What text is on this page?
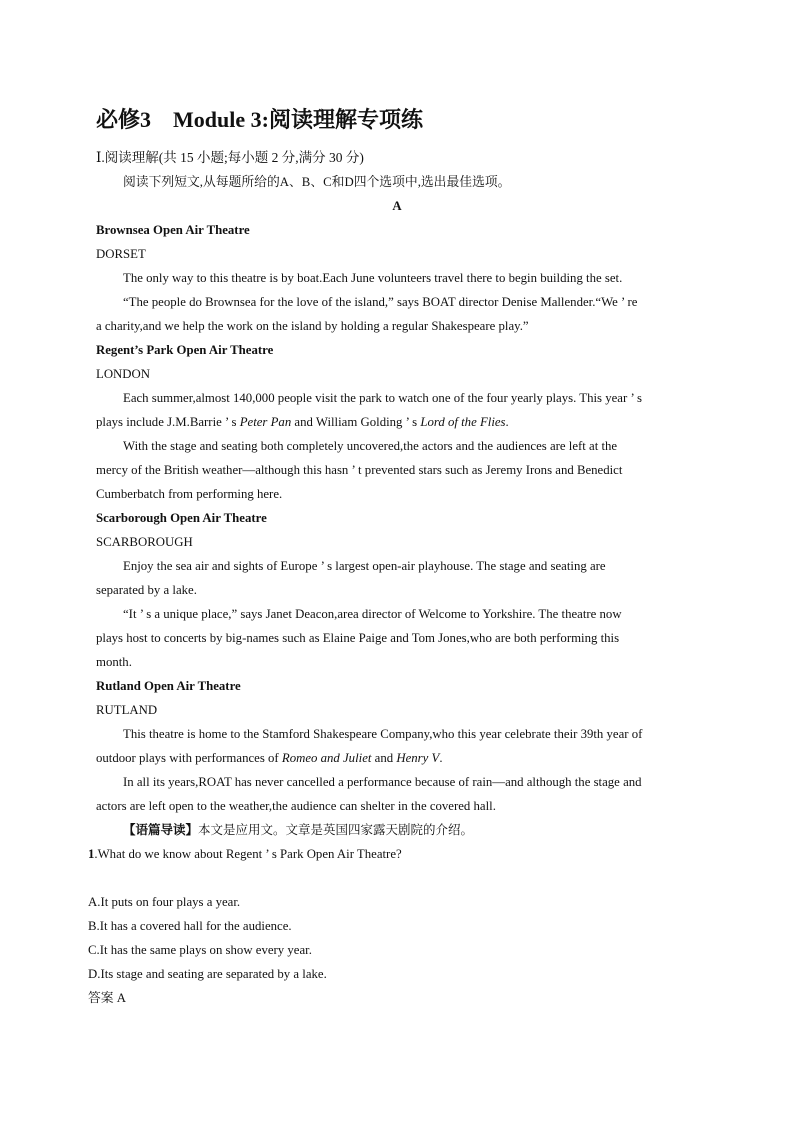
必修3 Module 3:阅读理解专项练
Ⅰ.阅读理解(共 15 小题;每小题 2 分,满分 30 分)
阅读下列短文,从每题所给的A、B、C和D四个选项中,选出最佳选项。
A
Brownsea Open Air Theatre
DORSET
The only way to this theatre is by boat.Each June volunteers travel there to begin building the set.
“The people do Brownsea for the love of the island,” says BOAT director Denise Mallender.“We ’ re
a charity,and we help the work on the island by holding a regular Shakespeare play.”
Regent’s Park Open Air Theatre
LONDON
Each summer,almost 140,000 people visit the park to watch one of the four yearly plays. This year ’ s
plays include J.M.Barrie ’ s Peter Pan and William Golding ’ s Lord of the Flies.
With the stage and seating both completely uncovered,the actors and the audiences are left at the
mercy of the British weather—although this hasn ’ t prevented stars such as Jeremy Irons and Benedict
Cumberbatch from performing here.
Scarborough Open Air Theatre
SCARBOROUGH
Enjoy the sea air and sights of Europe ’ s largest open-air playhouse. The stage and seating are
separated by a lake.
“It ’ s a unique place,” says Janet Deacon,area director of Welcome to Yorkshire. The theatre now
plays host to concerts by big-names such as Elaine Paige and Tom Jones,who are both performing this
month.
Rutland Open Air Theatre
RUTLAND
This theatre is home to the Stamford Shakespeare Company,who this year celebrate their 39th year of
outdoor plays with performances of Romeo and Juliet and Henry V.
In all its years,ROAT has never cancelled a performance because of rain—and although the stage and
actors are left open to the weather,the audience can shelter in the covered hall.
【语篇导读】本文是应用文。文章是英国四家露天剧院的介绍。
1.What do we know about Regent ’ s Park Open Air Theatre?
A.It puts on four plays a year.
B.It has a covered hall for the audience.
C.It has the same plays on show every year.
D.Its stage and seating are separated by a lake.
答案 A
